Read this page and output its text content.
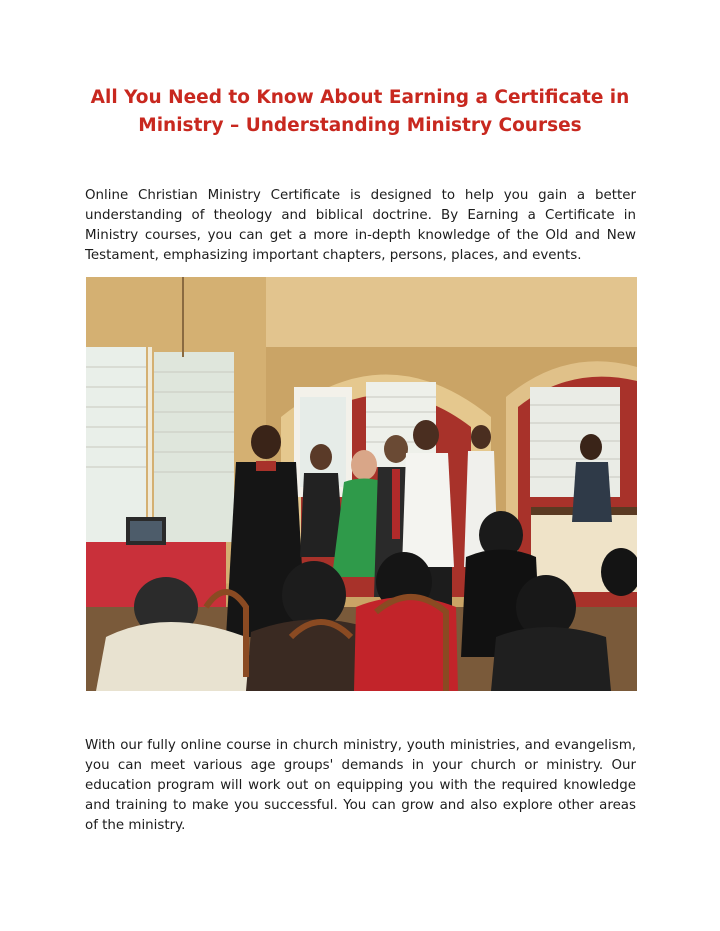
All You Need to Know About Earning a Certificate in Ministry – Understanding Ministry Courses

Online Christian Ministry Certificate is designed to help you gain a better understanding of theology and biblical doctrine. By Earning a Certificate in Ministry courses, you can get a more in-depth knowledge of the Old and New Testament, emphasizing important chapters, persons, places, and events.

With our fully online course in church ministry, youth ministries, and evangelism, you can meet various age groups' demands in your church or ministry. Our education program will work out on equipping you with the required knowledge and training to make you successful. You can grow and also explore other areas of the ministry.
